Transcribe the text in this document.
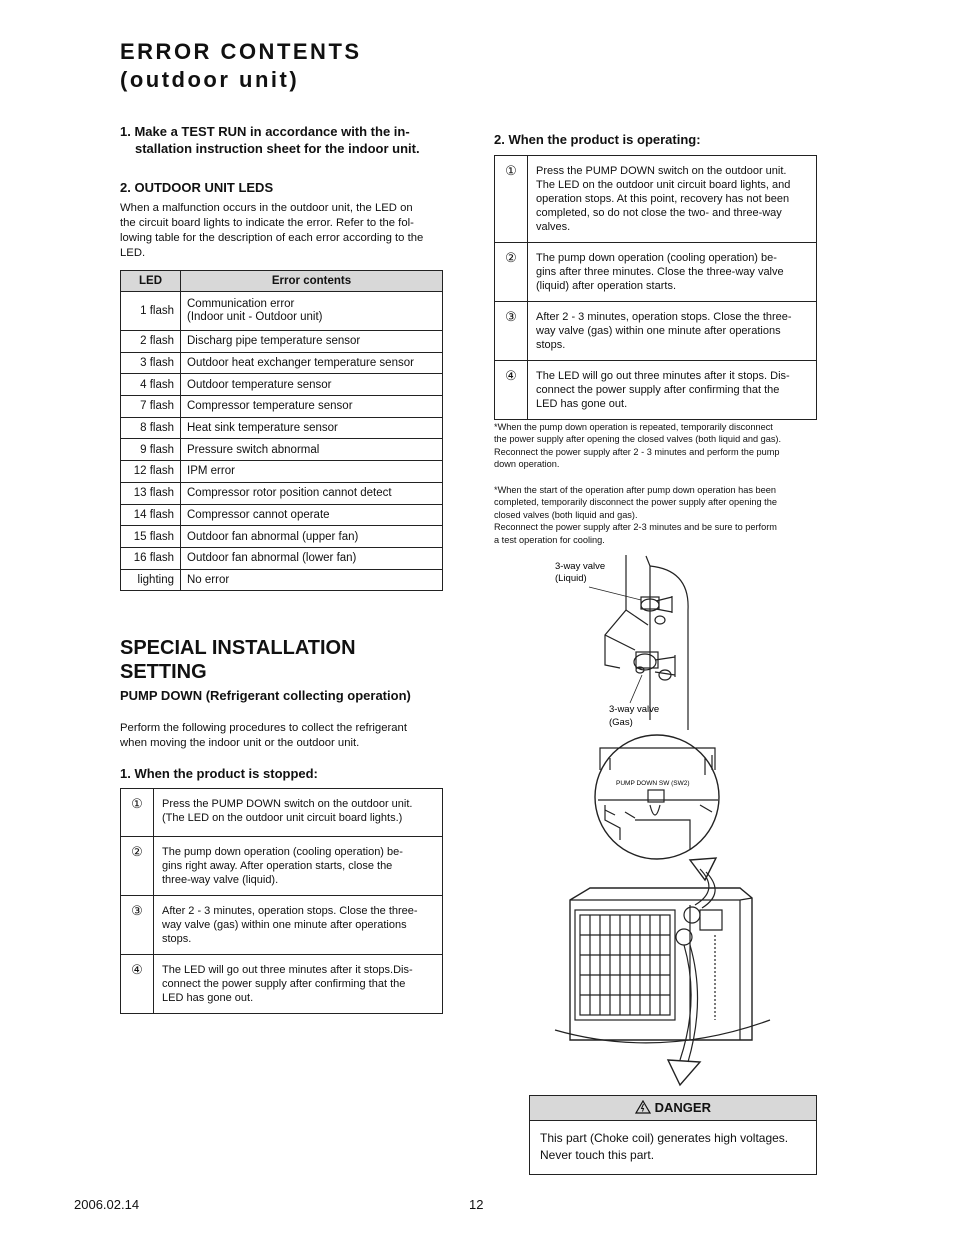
ERROR CONTENTS
(outdoor unit)
1. Make a TEST RUN in accordance with the in-
stallation instruction sheet for the indoor unit.
2. OUTDOOR UNIT LEDS
When a malfunction occurs in the outdoor unit, the LED on
the circuit board lights to indicate the error. Refer to the fol-
lowing table for the description of each error according to the
LED.
LED	Error contents
1 flash	Communication error
(Indoor unit - Outdoor unit)

2 flash	Discharg pipe temperature sensor
3 flash	Outdoor heat exchanger temperature sensor
4 flash	Outdoor temperature sensor
7 flash	Compressor temperature sensor
8 flash	Heat sink temperature sensor
9 flash	Pressure switch abnormal
12 flash	IPM error
13 flash	Compressor rotor position cannot detect
14 flash	Compressor cannot operate
15 flash	Outdoor fan abnormal (upper fan)
16 flash	Outdoor fan abnormal (lower fan)
lighting	No error
SPECIAL INSTALLATION
SETTING
PUMP DOWN (Refrigerant collecting operation)
Perform the following procedures to collect the refrigerant
when moving the indoor unit or the outdoor unit.
1. When the product is stopped:
①	Press the PUMP DOWN switch on the outdoor unit.
(The LED on the outdoor unit circuit board lights.)

②	The pump down operation (cooling operation) be-
gins right away. After operation starts, close the
three-way valve (liquid).

③	After 2 - 3 minutes, operation stops. Close the three-
way valve (gas) within one minute after operations
stops.

④	The LED will go out three minutes after it stops.Dis-
connect the power supply after confirming that the
LED has gone out.
2. When the product is operating:
①	Press the PUMP DOWN switch on the outdoor unit.
The LED on the outdoor unit circuit board lights, and
operation stops. At this point, recovery has not been
completed, so do not close the two- and three-way
valves.

②	The pump down operation (cooling operation) be-
gins after three minutes. Close the three-way valve
(liquid) after operation starts.

③	After 2 - 3 minutes, operation stops. Close the three-
way valve (gas) within one minute after operations
stops.

④	The LED will go out three minutes after it stops. Dis-
connect the power supply after confirming that the
LED has gone out.
*When the pump down operation is repeated, temporarily disconnect
the power supply after opening the closed valves (both liquid and gas).
Reconnect the power supply after 2 - 3 minutes and perform the pump
down operation.
*When the start of the operation after pump down operation has been
completed, temporarily disconnect the power supply after opening the
closed valves (both liquid and gas).
Reconnect the power supply after 2-3 minutes and be sure to perform
a test operation for cooling.
3-way valve
(Liquid)
3-way valve
(Gas)
PUMP DOWN SW (SW2)
DANGER
This part (Choke coil) generates high voltages.
Never touch this part.
2006.02.14	12
